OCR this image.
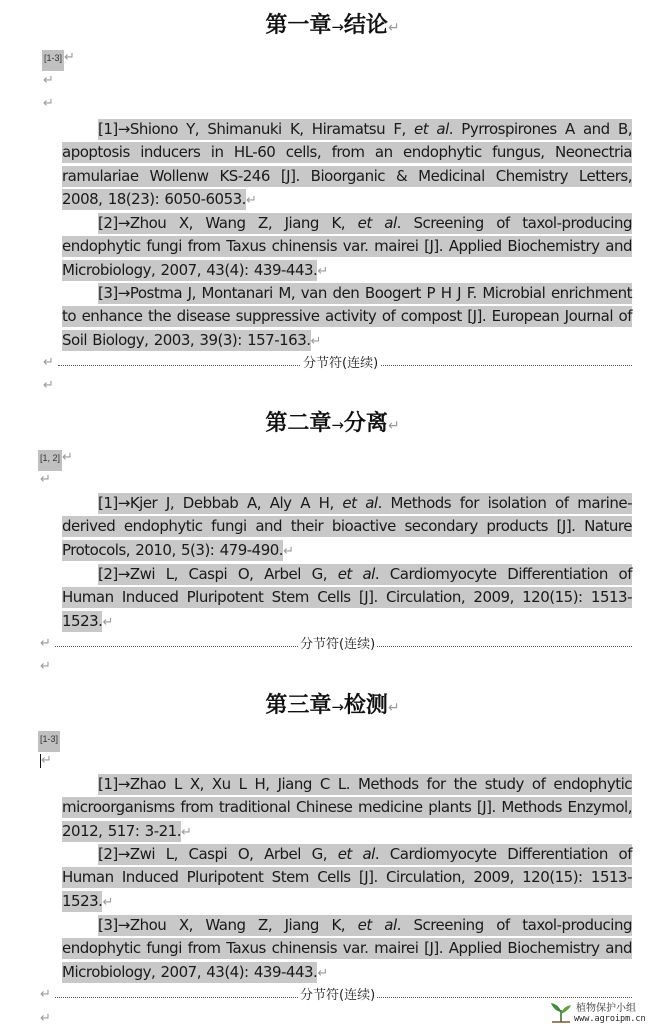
第一章→结论↵
[1-3] ↵
↵
↵
[1]→Shiono Y, Shimanuki K, Hiramatsu F, et al. Pyrrospirones A and B, apoptosis inducers in HL-60 cells, from an endophytic fungus, Neonectria ramulariae Wollenw KS-246 [J]. Bioorganic & Medicinal Chemistry Letters, 2008, 18(23): 6050-6053.↵
[2]→Zhou X, Wang Z, Jiang K, et al. Screening of taxol-producing endophytic fungi from Taxus chinensis var. mairei [J]. Applied Biochemistry and Microbiology, 2007, 43(4): 439-443.↵
[3]→Postma J, Montanari M, van den Boogert P H J F. Microbial enrichment to enhance the disease suppressive activity of compost [J]. European Journal of Soil Biology, 2003, 39(3): 157-163.↵
↵	分节符(连续)
↵
第二章→分离↵
[1, 2] ↵
↵
[1]→Kjer J, Debbab A, Aly A H, et al. Methods for isolation of marine-derived endophytic fungi and their bioactive secondary products [J]. Nature Protocols, 2010, 5(3): 479-490.↵
[2]→Zwi L, Caspi O, Arbel G, et al. Cardiomyocyte Differentiation of Human Induced Pluripotent Stem Cells [J]. Circulation, 2009, 120(15): 1513-1523.↵
↵	分节符(连续)
↵
第三章→检测↵
[1-3]
↵
[1]→Zhao L X, Xu L H, Jiang C L. Methods for the study of endophytic microorganisms from traditional Chinese medicine plants [J]. Methods Enzymol, 2012, 517: 3-21.↵
[2]→Zwi L, Caspi O, Arbel G, et al. Cardiomyocyte Differentiation of Human Induced Pluripotent Stem Cells [J]. Circulation, 2009, 120(15): 1513-1523.↵
[3]→Zhou X, Wang Z, Jiang K, et al. Screening of taxol-producing endophytic fungi from Taxus chinensis var. mairei [J]. Applied Biochemistry and Microbiology, 2007, 43(4): 439-443.↵
↵	分节符(连续)
↵
植物保护小组
www.agroipm.cn
